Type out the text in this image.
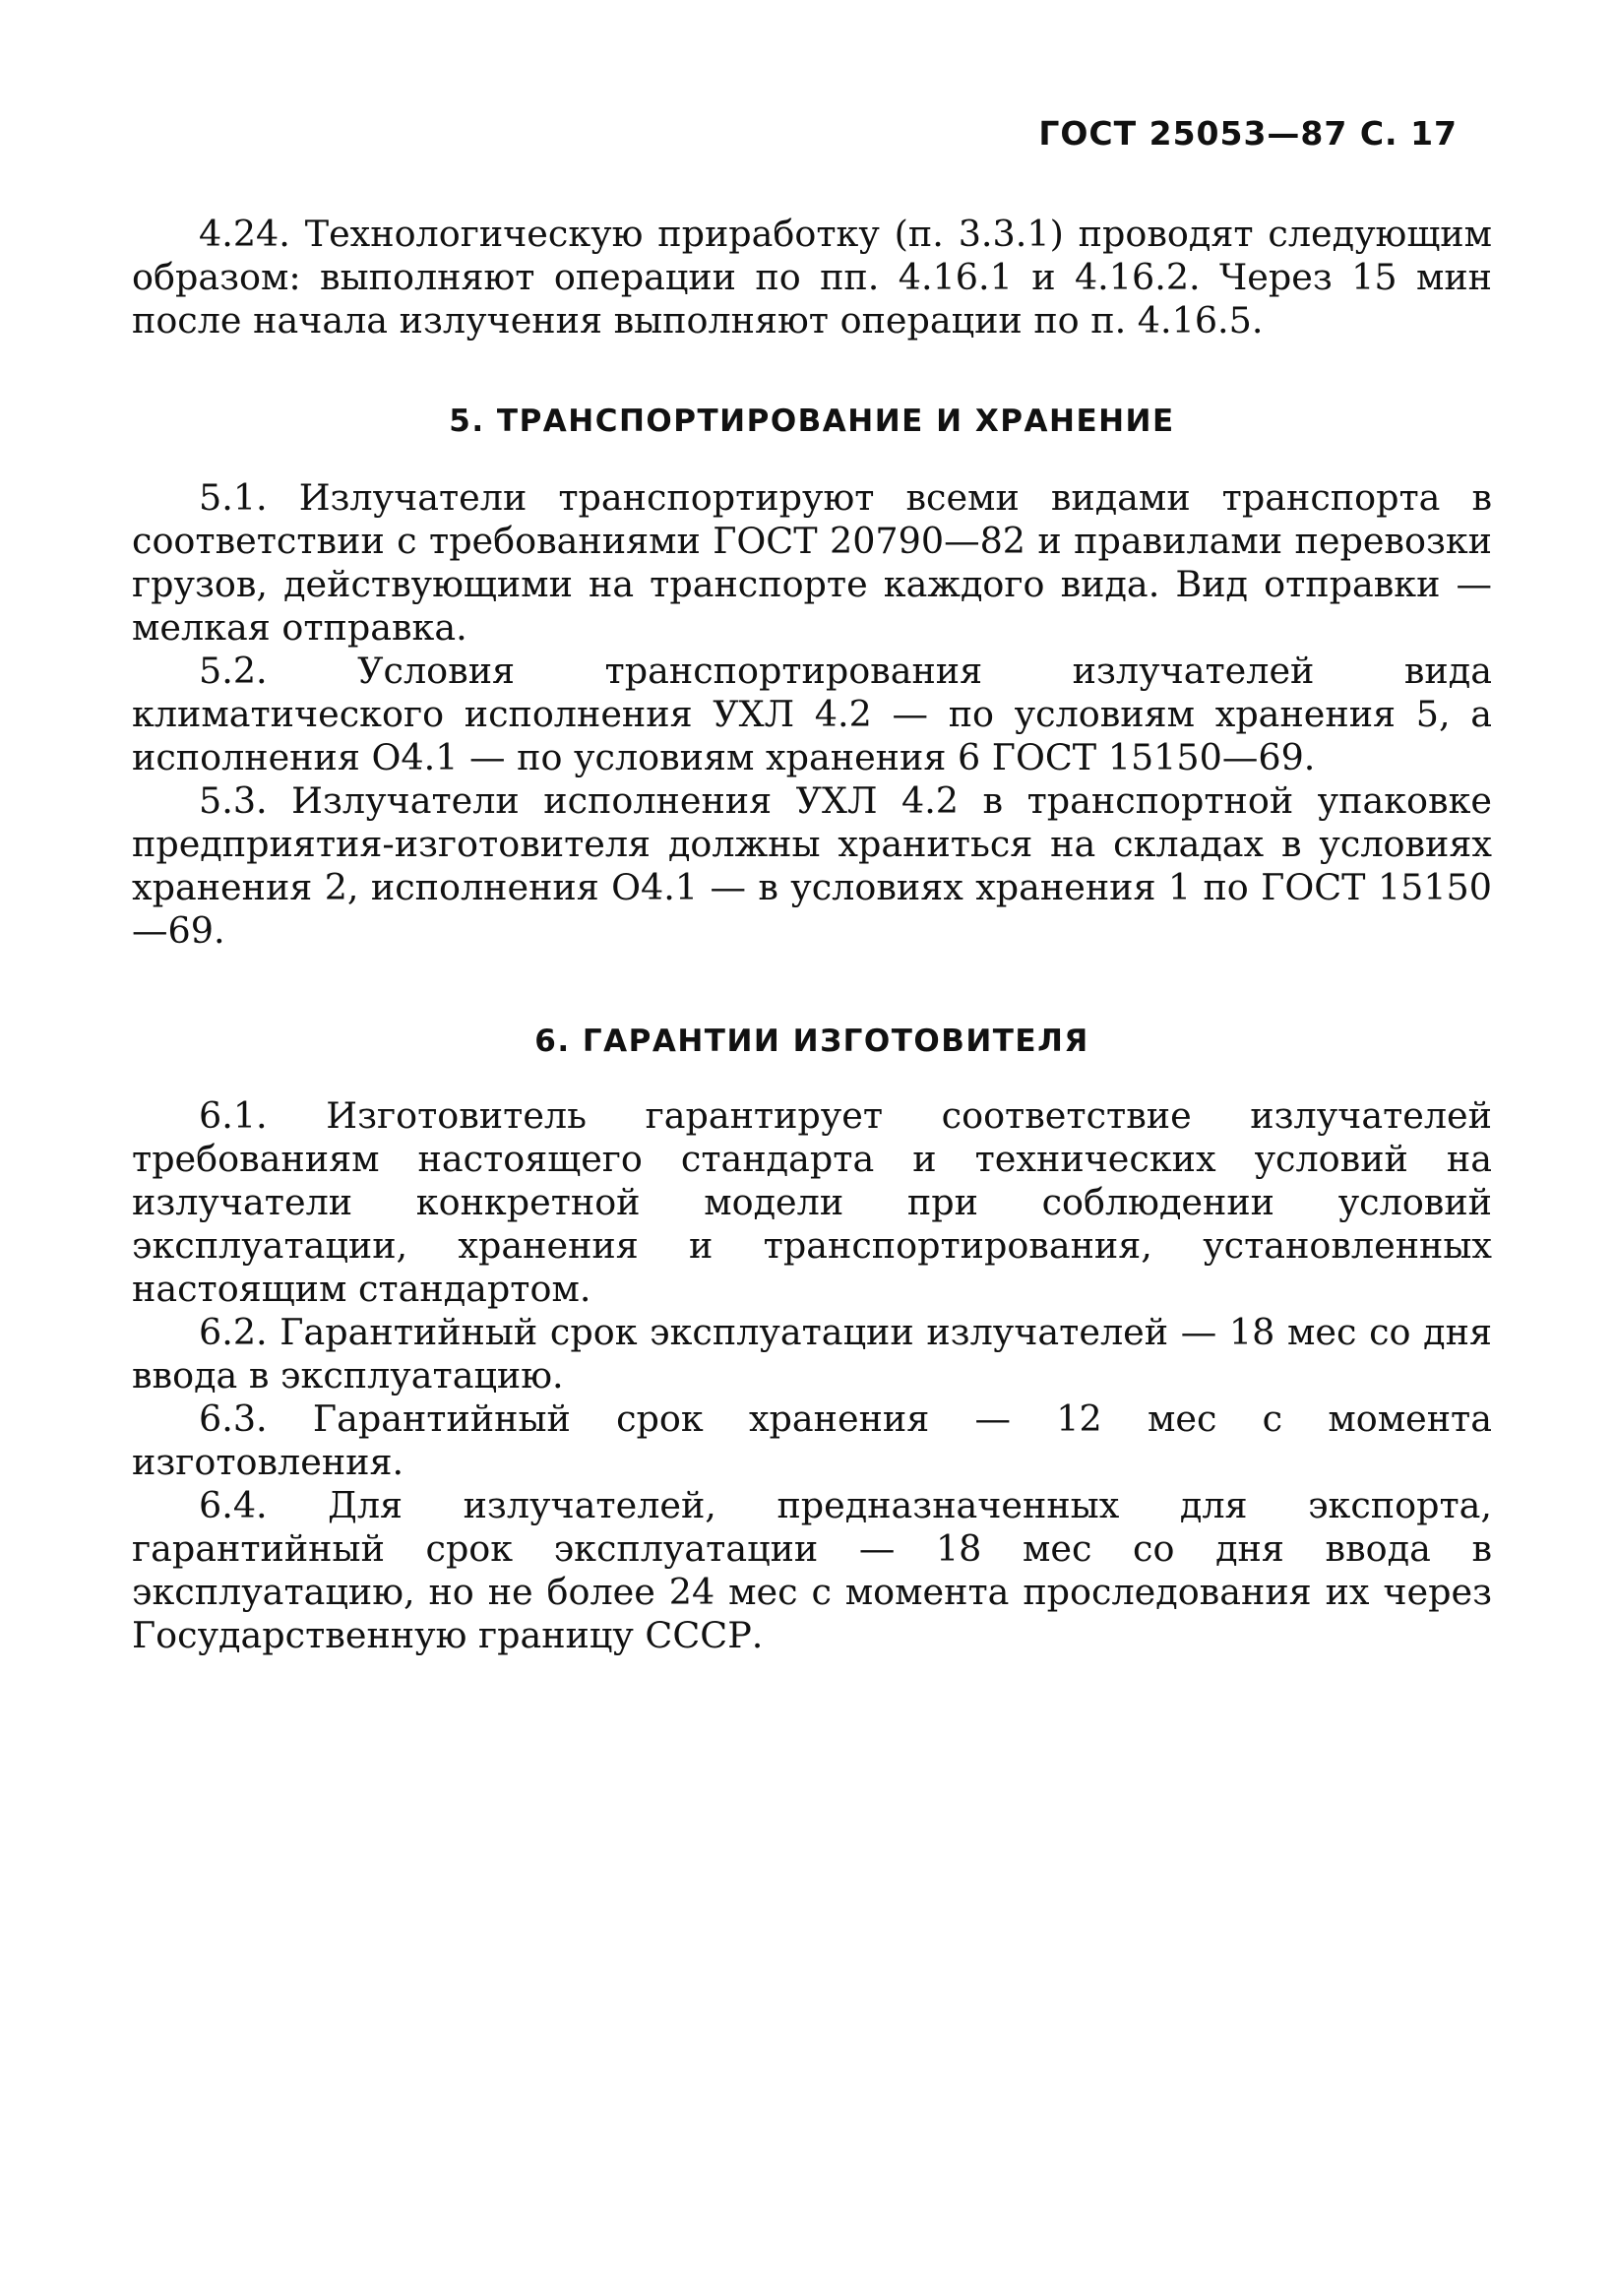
ГОСТ 25053—87 С. 17

4.24. Технологическую приработку (п. 3.3.1) проводят следующим образом: выполняют операции по пп. 4.16.1 и 4.16.2. Через 15 мин после начала излучения выполняют операции по п. 4.16.5.

5. ТРАНСПОРТИРОВАНИЕ И ХРАНЕНИЕ

5.1. Излучатели транспортируют всеми видами транспорта в соответствии с требованиями ГОСТ 20790—82 и правилами перевозки грузов, действующими на транспорте каждого вида. Вид отправки — мелкая отправка.

5.2. Условия транспортирования излучателей вида климатического исполнения УХЛ 4.2 — по условиям хранения 5, а исполнения О4.1 — по условиям хранения 6 ГОСТ 15150—69.

5.3. Излучатели исполнения УХЛ 4.2 в транспортной упаковке предприятия-изготовителя должны храниться на складах в условиях хранения 2, исполнения О4.1 — в условиях хранения 1 по ГОСТ 15150—69.

6. ГАРАНТИИ ИЗГОТОВИТЕЛЯ

6.1. Изготовитель гарантирует соответствие излучателей требованиям настоящего стандарта и технических условий на излучатели конкретной модели при соблюдении условий эксплуатации, хранения и транспортирования, установленных настоящим стандартом.

6.2. Гарантийный срок эксплуатации излучателей — 18 мес со дня ввода в эксплуатацию.

6.3. Гарантийный срок хранения — 12 мес с момента изготовления.

6.4. Для излучателей, предназначенных для экспорта, гарантийный срок эксплуатации — 18 мес со дня ввода в эксплуатацию, но не более 24 мес с момента проследования их через Государственную границу СССР.
